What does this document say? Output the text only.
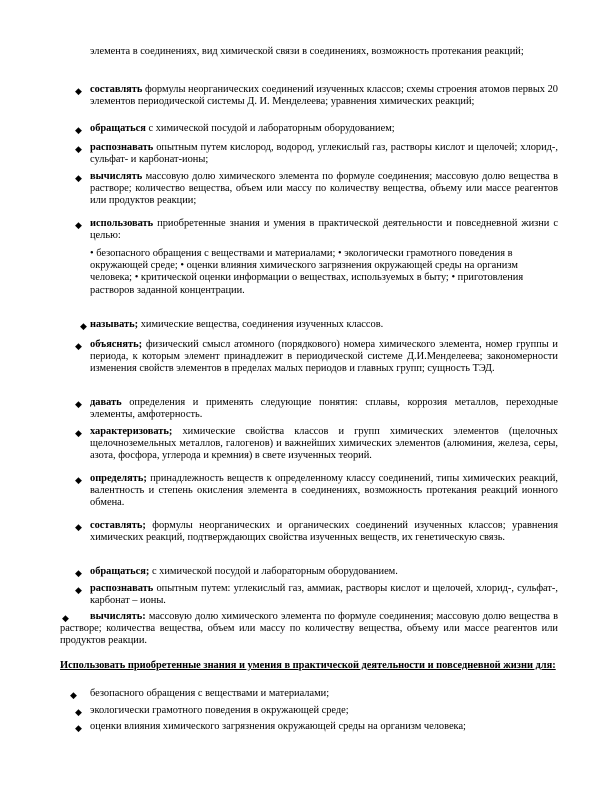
элемента в соединениях, вид химической связи в соединениях, возможность протекания реакций;
◆ составлять формулы неорганических соединений изученных классов; схемы строения атомов первых 20 элементов периодической системы Д. И. Менделеева; уравнения химических реакций;
◆ обращаться с химической посудой и лабораторным оборудованием;
◆ распознавать опытным путем кислород, водород, углекислый газ, растворы кислот и щелочей; хлорид-, сульфат- и карбонат-ионы;
◆ вычислять массовую долю химического элемента по формуле соединения; массовую долю вещества в растворе; количество вещества, объем или массу по количеству вещества, объему или массе реагентов или продуктов реакции;
◆ использовать приобретенные знания и умения в практической деятельности и повседневной жизни с целью:
• безопасного обращения с веществами и материалами; • экологически грамотного поведения в окружающей среде; • оценки влияния химического загрязнения окружающей среды на организм человека; • критической оценки информации о веществах, используемых в быту; • приготовления растворов заданной концентрации.
◆ называть; химические вещества, соединения изученных классов.
◆ объяснять; физический смысл атомного (порядкового) номера химического элемента, номер группы и периода, к которым элемент принадлежит в периодической системе Д.И.Менделеева; закономерности изменения свойств элементов в пределах малых периодов и главных групп; сущность ТЭД.
◆ давать определения и применять следующие понятия: сплавы, коррозия металлов, переходные элементы, амфотерность.
◆ характеризовать; химические свойства классов и групп химических элементов (щелочных щелочноземельных металлов, галогенов) и важнейших химических элементов (алюминия, железа, серы, азота, фосфора, углерода и кремния) в свете изученных теорий.
◆ определять; принадлежность веществ к определенному классу соединений, типы химических реакций, валентность и степень окисления элемента в соединениях, возможность протекания реакций ионного обмена.
◆ составлять; формулы неорганических и органических соединений изученных классов; уравнения химических реакций, подтверждающих свойства изученных веществ, их генетическую связь.
◆ обращаться; с химической посудой и лабораторным оборудованием.
◆ распознавать опытным путем: углекислый газ, аммиак, растворы кислот и щелочей, хлорид-, сульфат-, карбонат – ионы.
◆	вычислять: массовую долю химического элемента по формуле соединения; массовую долю вещества в растворе; количества вещества, объем или массу по количеству вещества, объему или массе реагентов или продуктов реакции.
Использовать приобретенные знания и умения в практической деятельности и повседневной жизни для:
◆ безопасного обращения с веществами и материалами;
◆ экологически грамотного поведения в окружающей среде;
◆ оценки влияния химического загрязнения окружающей среды на организм человека;
